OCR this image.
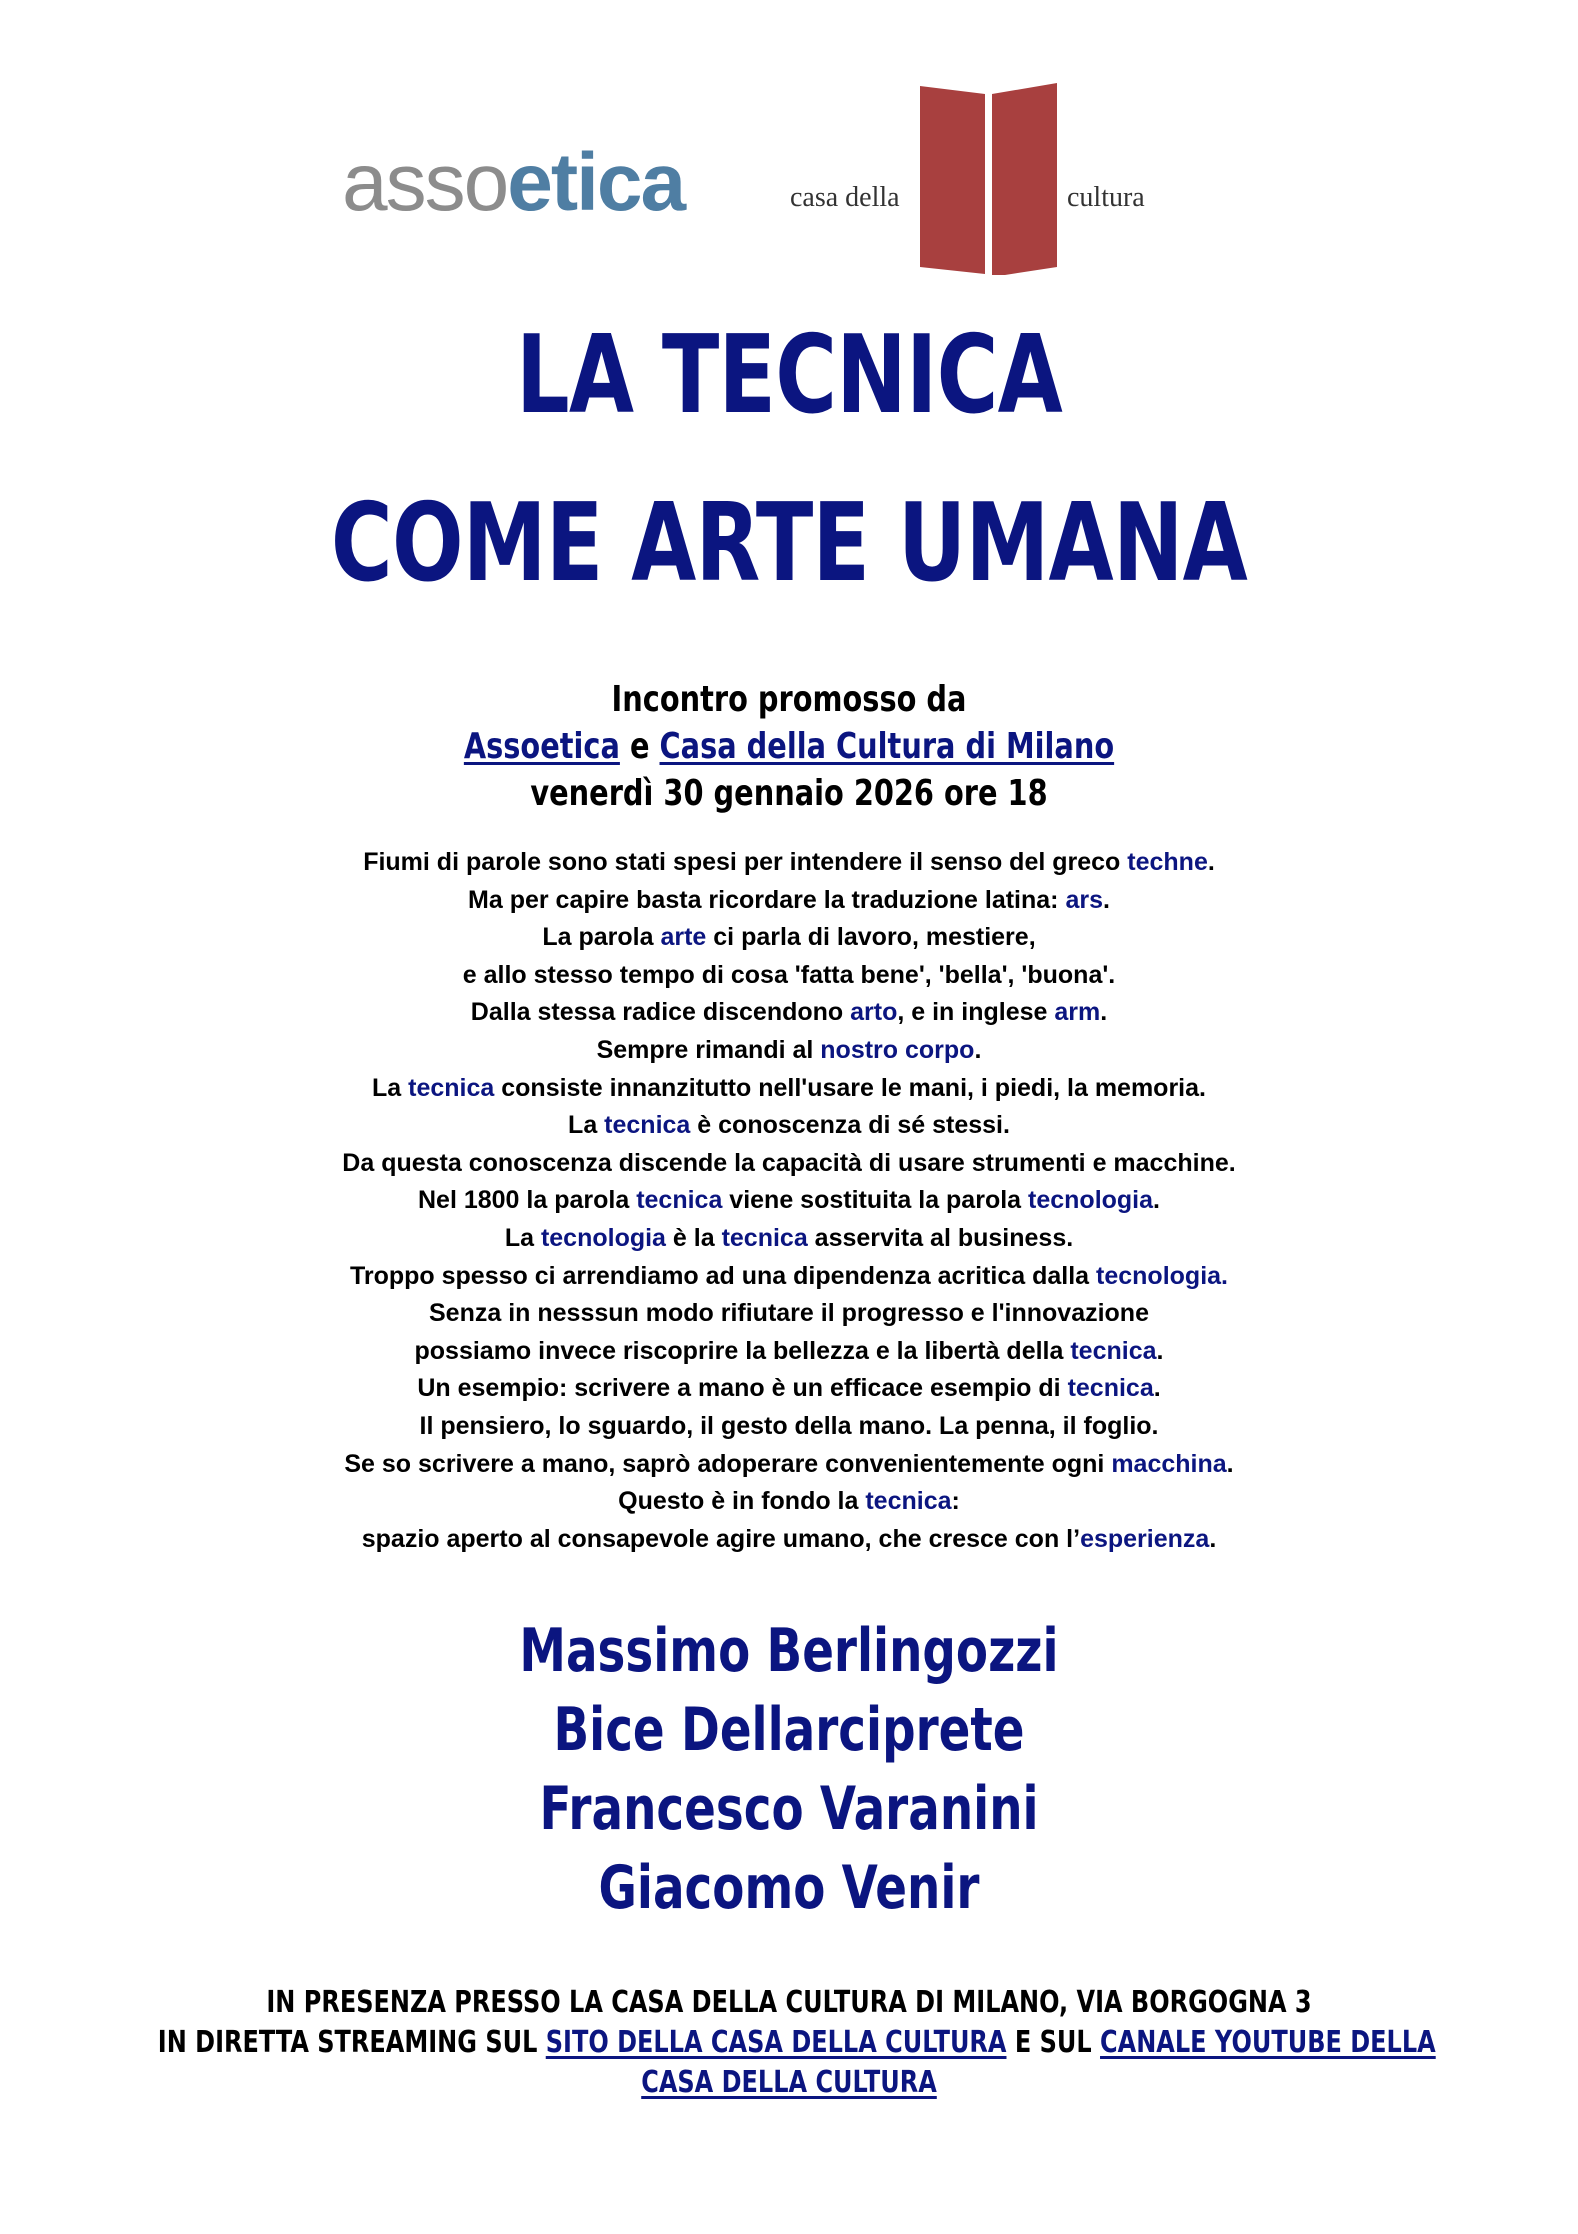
assoetica	casa della	cultura
LA TECNICA
COME ARTE UMANA
Incontro promosso da
Assoetica e Casa della Cultura di Milano
venerdì 30 gennaio 2026 ore 18
Fiumi di parole sono stati spesi per intendere il senso del greco techne.
Ma per capire basta ricordare la traduzione latina: ars.
La parola arte ci parla di lavoro, mestiere,
e allo stesso tempo di cosa 'fatta bene', 'bella', 'buona'.
Dalla stessa radice discendono arto, e in inglese arm.
Sempre rimandi al nostro corpo.
La tecnica consiste innanzitutto nell'usare le mani, i piedi, la memoria.
La tecnica è conoscenza di sé stessi.
Da questa conoscenza discende la capacità di usare strumenti e macchine.
Nel 1800 la parola tecnica viene sostituita la parola tecnologia.
La tecnologia è la tecnica asservita al business.
Troppo spesso ci arrendiamo ad una dipendenza acritica dalla tecnologia.
Senza in nesssun modo rifiutare il progresso e l'innovazione
possiamo invece riscoprire la bellezza e la libertà della tecnica.
Un esempio: scrivere a mano è un efficace esempio di tecnica.
Il pensiero, lo sguardo, il gesto della mano. La penna, il foglio.
Se so scrivere a mano, saprò adoperare convenientemente ogni macchina.
Questo è in fondo la tecnica:
spazio aperto al consapevole agire umano, che cresce con l’esperienza.
Massimo Berlingozzi
Bice Dellarciprete
Francesco Varanini
Giacomo Venir
IN PRESENZA PRESSO LA CASA DELLA CULTURA DI MILANO, VIA BORGOGNA 3
IN DIRETTA STREAMING SUL SITO DELLA CASA DELLA CULTURA E SUL CANALE YOUTUBE DELLA
CASA DELLA CULTURA
